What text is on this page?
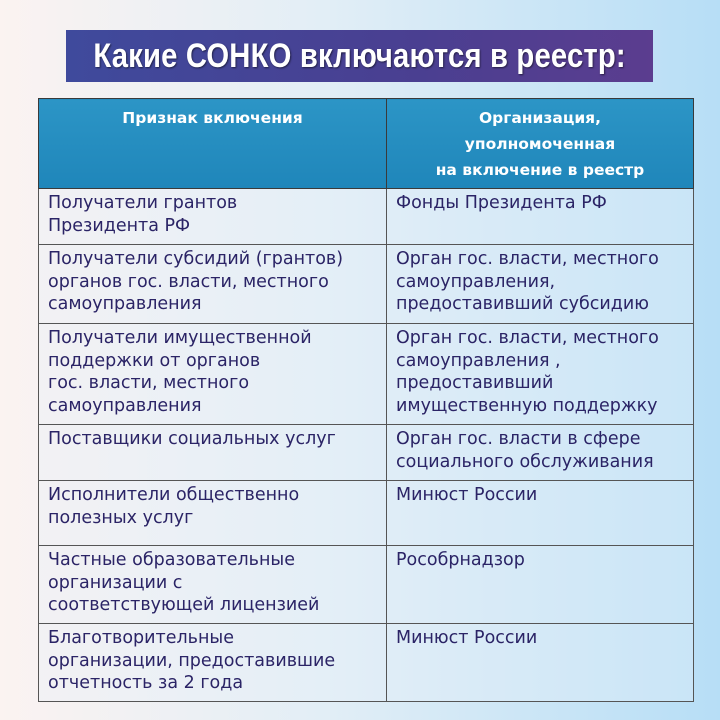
Какие СОНКО включаются в реестр:
Признак включения	Организация,
уполномоченная
на включение в реестр

Получатели грантов
Президента РФ	Фонды Президента РФ

Получатели субсидий (грантов)
органов гос. власти, местного
самоуправления	Орган гос. власти, местного
самоуправления,
предоставивший субсидию

Получатели имущественной
поддержки от органов
гос. власти, местного
самоуправления	Орган гос. власти, местного
самоуправления ,
предоставивший
имущественную поддержку

Поставщики социальных услуг	Орган гос. власти в сфере
социального обслуживания

Исполнители общественно
полезных услуг	Минюст России

Частные образовательные
организации с
соответствующей лицензией	Рособрнадзор

Благотворительные
организации, предоставившие
отчетность за 2 года	Минюст России
